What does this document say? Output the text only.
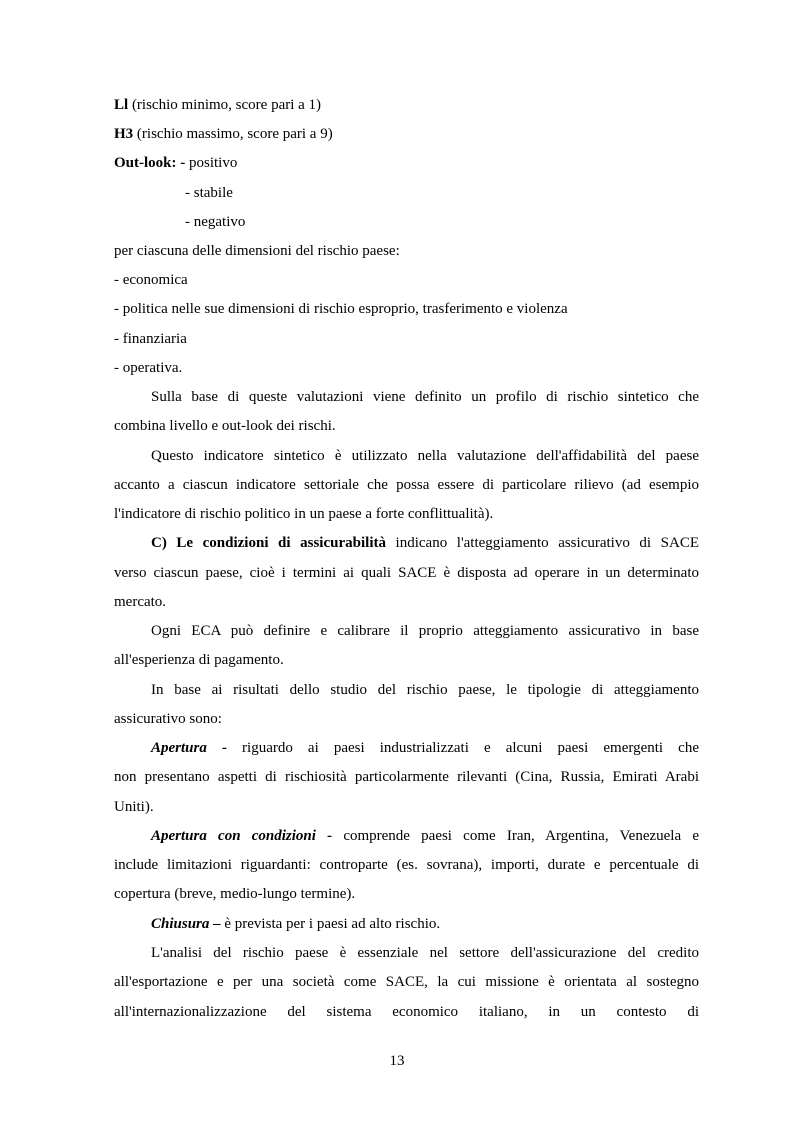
Ll (rischio minimo, score pari a 1)

H3 (rischio massimo, score pari a 9)

Out-look: - positivo

- stabile

- negativo

per ciascuna delle dimensioni del rischio paese:

- economica

- politica nelle sue dimensioni di rischio esproprio, trasferimento e violenza

- finanziaria

- operativa.

Sulla base di queste valutazioni viene definito un profilo di rischio sintetico che

combina livello e out-look dei rischi.

Questo indicatore sintetico è utilizzato nella valutazione dell'affidabilità del paese

accanto a ciascun indicatore settoriale che possa essere di particolare rilievo (ad esempio

l'indicatore di rischio politico in un paese a forte conflittualità).

C) Le condizioni di assicurabilità indicano l'atteggiamento assicurativo di SACE

verso ciascun paese, cioè i termini ai quali SACE è disposta ad operare in un determinato

mercato.

Ogni ECA può definire e calibrare il proprio atteggiamento assicurativo in base

all'esperienza di pagamento.

In base ai risultati dello studio del rischio paese, le tipologie di atteggiamento

assicurativo sono:

Apertura - riguardo ai paesi industrializzati e alcuni paesi emergenti che

non presentano aspetti di rischiosità particolarmente rilevanti (Cina, Russia, Emirati Arabi

Uniti).

Apertura con condizioni - comprende paesi come Iran, Argentina, Venezuela e

include limitazioni riguardanti: controparte (es. sovrana), importi, durate e percentuale di

copertura (breve, medio-lungo termine).

Chiusura – è prevista per i paesi ad alto rischio.

L'analisi del rischio paese è essenziale nel settore dell'assicurazione del credito

all'esportazione e per una società come SACE, la cui missione è orientata al sostegno

all'internazionalizzazione del sistema economico italiano, in un contesto di

13
